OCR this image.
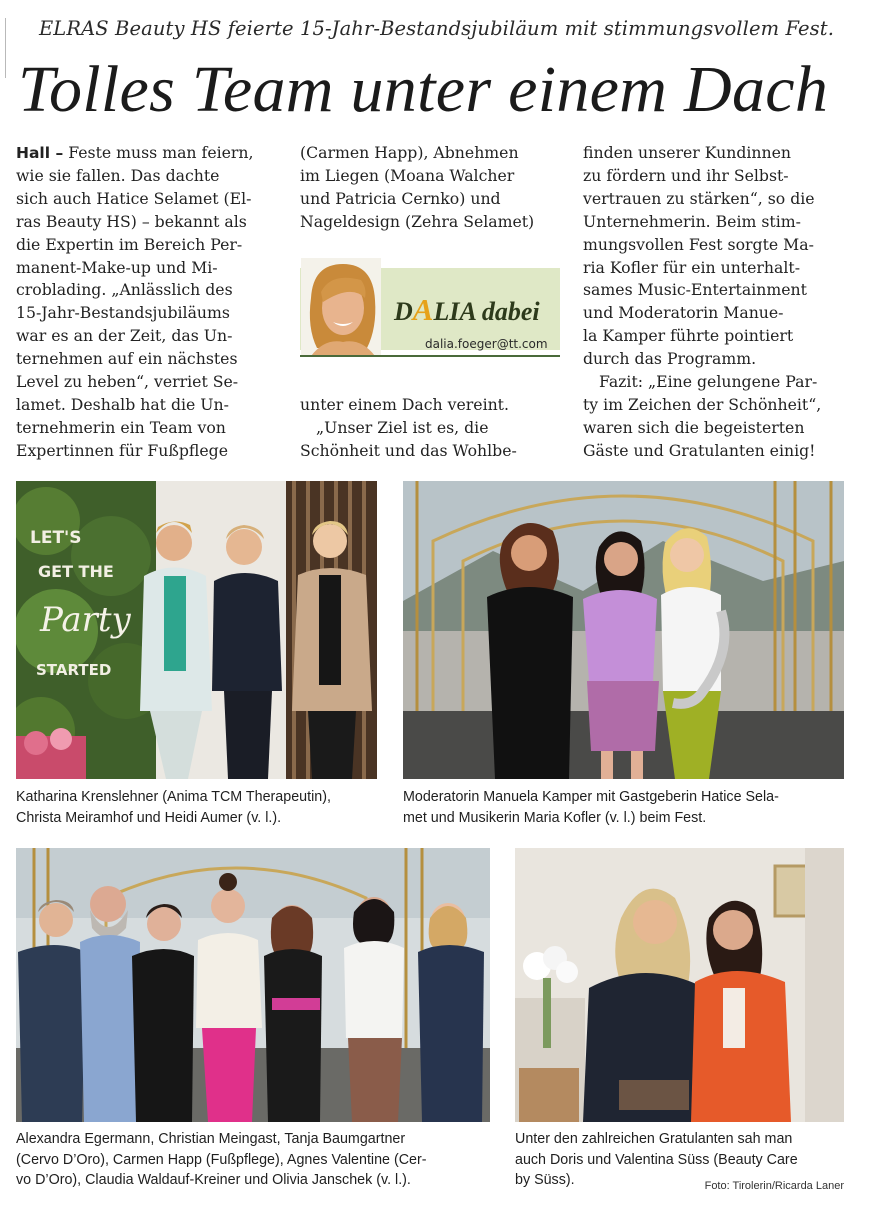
ELRAS Beauty HS feierte 15-Jahr-Bestandsjubiläum mit stimmungsvollem Fest.
Tolles Team unter einem Dach

Hall – Feste muss man feiern,

wie sie fallen. Das dachte

sich auch Hatice Selamet (El-

ras Beauty HS) – bekannt als

die Expertin im Bereich Per-

manent-Make-up und Mi-

croblading. „Anlässlich des

15-Jahr-Bestandsjubiläums

war es an der Zeit, das Un-

ternehmen auf ein nächstes

Level zu heben“, verriet Se-

lamet. Deshalb hat die Un-

ternehmerin ein Team von

Expertinnen für Fußpflege

(Carmen Happ), Abnehmen

im Liegen (Moana Walcher

und Patricia Cernko) und

Nageldesign (Zehra Selamet)

DALIA dabei
dalia.foeger@tt.com

unter einem Dach vereint.

„Unser Ziel ist es, die

Schönheit und das Wohlbe-

finden unserer Kundinnen

zu fördern und ihr Selbst-

vertrauen zu stärken“, so die

Unternehmerin. Beim stim-

mungsvollen Fest sorgte Ma-

ria Kofler für ein unterhalt-

sames Music-Entertainment

und Moderatorin Manue-

la Kamper führte pointiert

durch das Programm.

Fazit: „Eine gelungene Par-

ty im Zeichen der Schönheit“,

waren sich die begeisterten

Gäste und Gratulanten einig!

LET'S
GET THE
Party
STARTED
Katharina Krenslehner (Anima TCM Therapeutin),
Christa Meiramhof und Heidi Aumer (v. l.).
Moderatorin Manuela Kamper mit Gastgeberin Hatice Sela-
met und Musikerin Maria Kofler (v. l.) beim Fest.
Alexandra Egermann, Christian Meingast, Tanja Baumgartner
(Cervo D’Oro), Carmen Happ (Fußpflege), Agnes Valentine (Cer-
vo D’Oro), Claudia Waldauf-Kreiner und Olivia Janschek (v. l.).
Unter den zahlreichen Gratulanten sah man
auch Doris und Valentina Süss (Beauty Care
by Süss).	Foto: Tirolerin/Ricarda Laner
